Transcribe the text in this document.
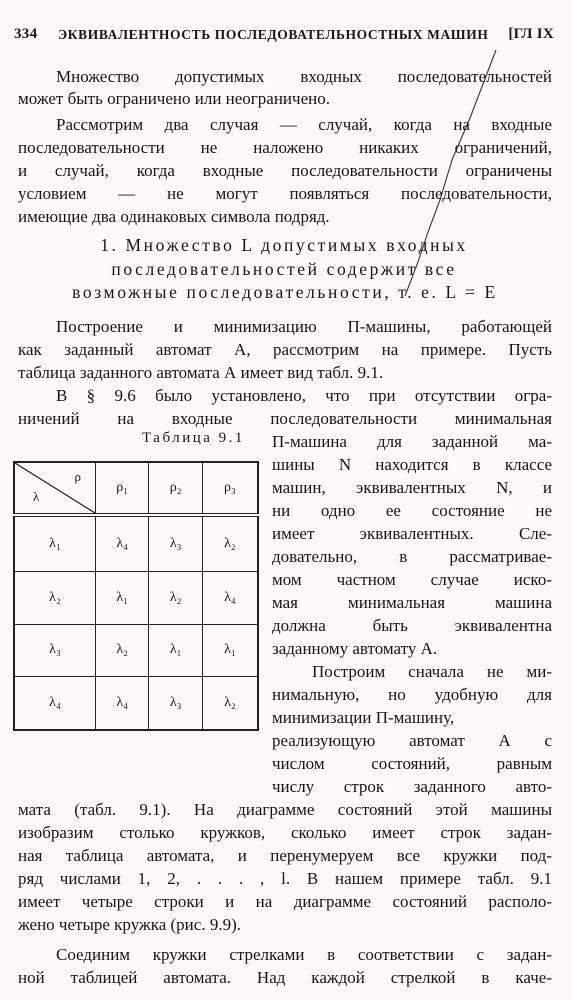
334 ЭКВИВАЛЕНТНОСТЬ ПОСЛЕДОВАТЕЛЬНОСТНЫХ МАШИН [ГЛ IX
Множество допустимых входных последовательностей
может быть ограничено или неограничено.
Рассмотрим два случая — случай, когда на входные
последовательности не наложено никаких ограничений,
и случай, когда входные последовательности ограничены
условием — не могут появляться последовательности,
имеющие два одинаковых символа подряд.
1. Множество L допустимых входных
последовательностей содержит все
возможные последовательности, т. е. L = E
Построение и минимизацию П-машины, работающей
как заданный автомат А, рассмотрим на примере. Пусть
таблица заданного автомата А имеет вид табл. 9.1.
В § 9.6 было установлено, что при отсутствии огра-
ничений на входные последовательности минимальная
П-машина для заданной ма-
шины N находится в классе
машин, эквивалентных N, и
ни одно ее состояние не
имеет эквивалентных. Сле-
довательно, в рассматривае-
мом частном случае иско-
мая минимальная машина
должна быть эквивалентна
заданному автомату А.
Построим сначала не ми-
нимальную, но удобную для
минимизации П-машину,
реализующую автомат А с
числом состояний, равным
числу строк заданного авто-
мата (табл. 9.1). На диаграмме состояний этой машины
изобразим столько кружков, сколько имеет строк задан-
ная таблица автомата, и перенумеруем все кружки под-
ряд числами 1, 2, . . . , l. В нашем примере табл. 9.1
имеет четыре строки и на диаграмме состояний располо-
жено четыре кружка (рис. 9.9).
Соединим кружки стрелками в соответствии с задан-
ной таблицей автомата. Над каждой стрелкой в каче-
Таблица 9.1
λ
ρ	ρ₁	ρ₂	ρ₃
λ₁	λ₄	λ₃	λ₂
λ₂	λ₁	λ₂	λ₄
λ₃	λ₂	λ₁	λ₁
λ₄	λ₄	λ₃	λ₂
